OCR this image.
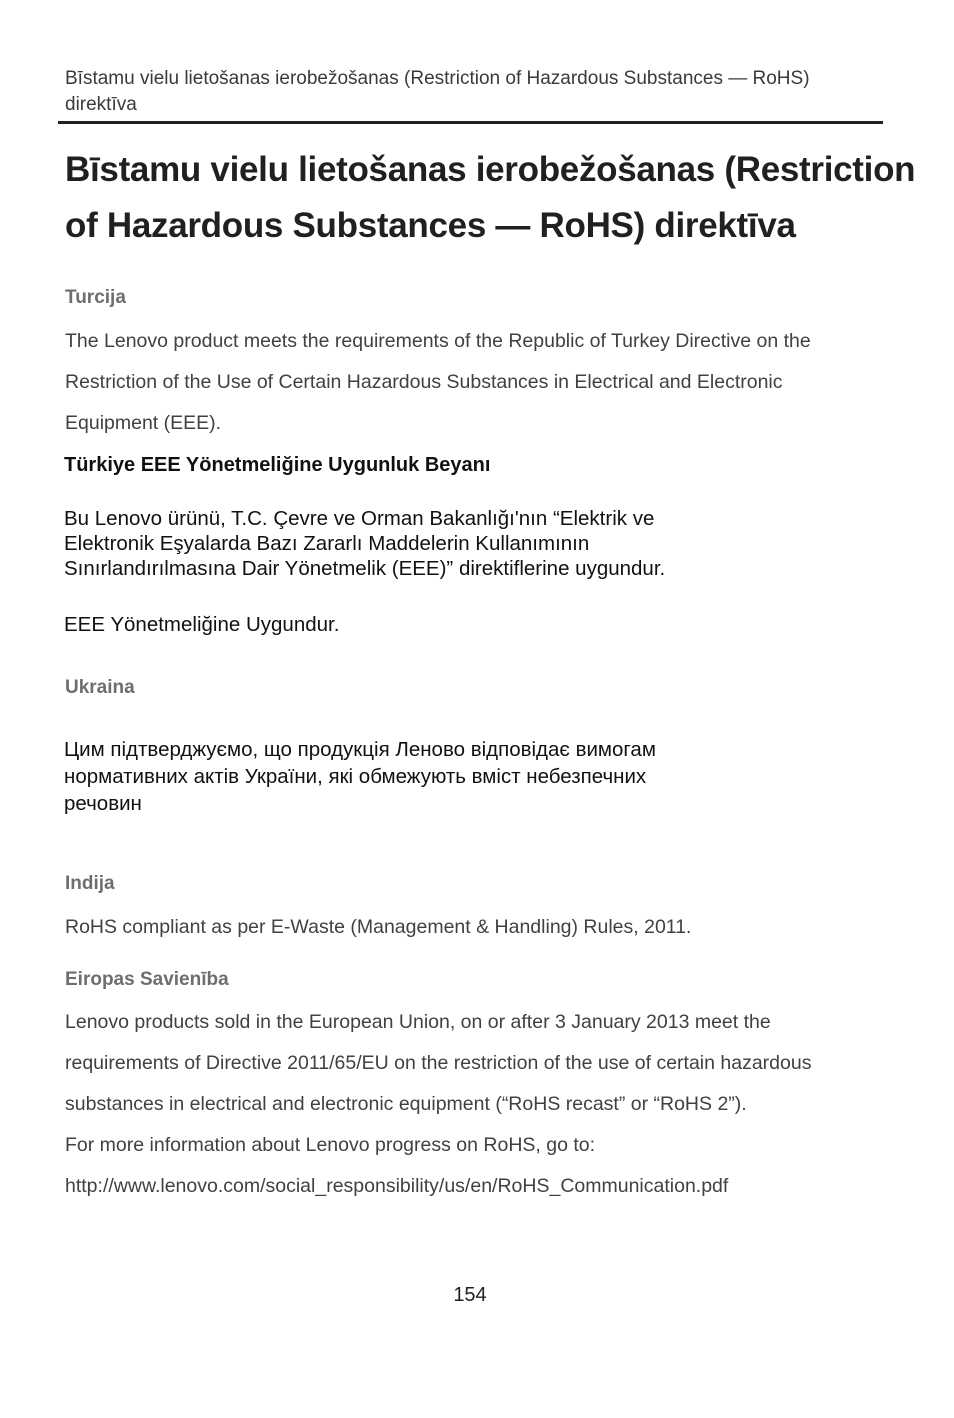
Bīstamu vielu lietošanas ierobežošanas (Restriction of Hazardous Substances — RoHS) direktīva
Bīstamu vielu lietošanas ierobežošanas (Restriction
of Hazardous Substances — RoHS) direktīva
Turcija

The Lenovo product meets the requirements of the Republic of Turkey Directive on the
Restriction of the Use of Certain Hazardous Substances in Electrical and Electronic
Equipment (EEE).

Türkiye EEE Yönetmeliğine Uygunluk Beyanı
Bu Lenovo ürünü, T.C. Çevre ve Orman Bakanlığı'nın “Elektrik ve
Elektronik Eşyalarda Bazı Zararlı Maddelerin Kullanımının
Sınırlandırılmasına Dair Yönetmelik (EEE)” direktiflerine uygundur.
EEE Yönetmeliğine Uygundur.
Ukraina
Цим підтверджуємо, що продукція Леново відповідає вимогам
нормативних актів України, які обмежують вміст небезпечних
речовин
Indija

RoHS compliant as per E-Waste (Management & Handling) Rules, 2011.

Eiropas Savienība

Lenovo products sold in the European Union, on or after 3 January 2013 meet the
requirements of Directive 2011/65/EU on the restriction of the use of certain hazardous
substances in electrical and electronic equipment (“RoHS recast” or “RoHS 2”).
For more information about Lenovo progress on RoHS, go to:
http://www.lenovo.com/social_responsibility/us/en/RoHS_Communication.pdf

154
